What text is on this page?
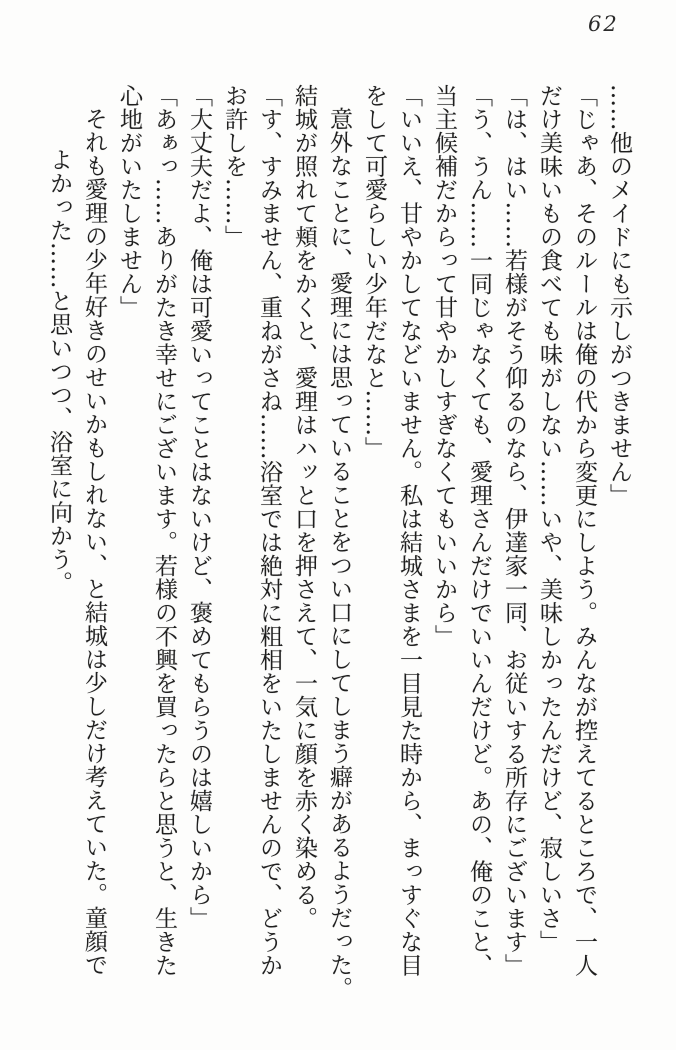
62

……他のメイドにも示しがつきません」

「じゃあ、そのルールは俺の代から変更にしよう。みんなが控えてるところで、一人

だけ美味いもの食べても味がしない……いや、美味しかったんだけど、寂しいさ」

「は、はい……若様がそう仰るのなら、伊達家一同、お従いする所存にございます」

「う、うん……一同じゃなくても、愛理さんだけでいいんだけど。あの、俺のこと、

当主候補だからって甘やかしすぎなくてもいいから」

「いいえ、甘やかしてなどいません。私は結城さまを一目見た時から、まっすぐな目

をして可愛らしい少年だなと……」

意外なことに、愛理には思っていることをつい口にしてしまう癖があるようだった。

結城が照れて頬をかくと、愛理はハッと口を押さえて、一気に顔を赤く染める。

「す、すみません、重ねがさね……浴室では絶対に粗相をいたしませんので、どうか

お許しを……」

「大丈夫だよ、俺は可愛いってことはないけど、褒めてもらうのは嬉しいから」

「あぁっ……ありがたき幸せにございます。若様の不興を買ったらと思うと、生きた

心地がいたしません」

それも愛理の少年好きのせいかもしれない、と結城は少しだけ考えていた。童顔で

よかった……と思いつつ、浴室に向かう。
